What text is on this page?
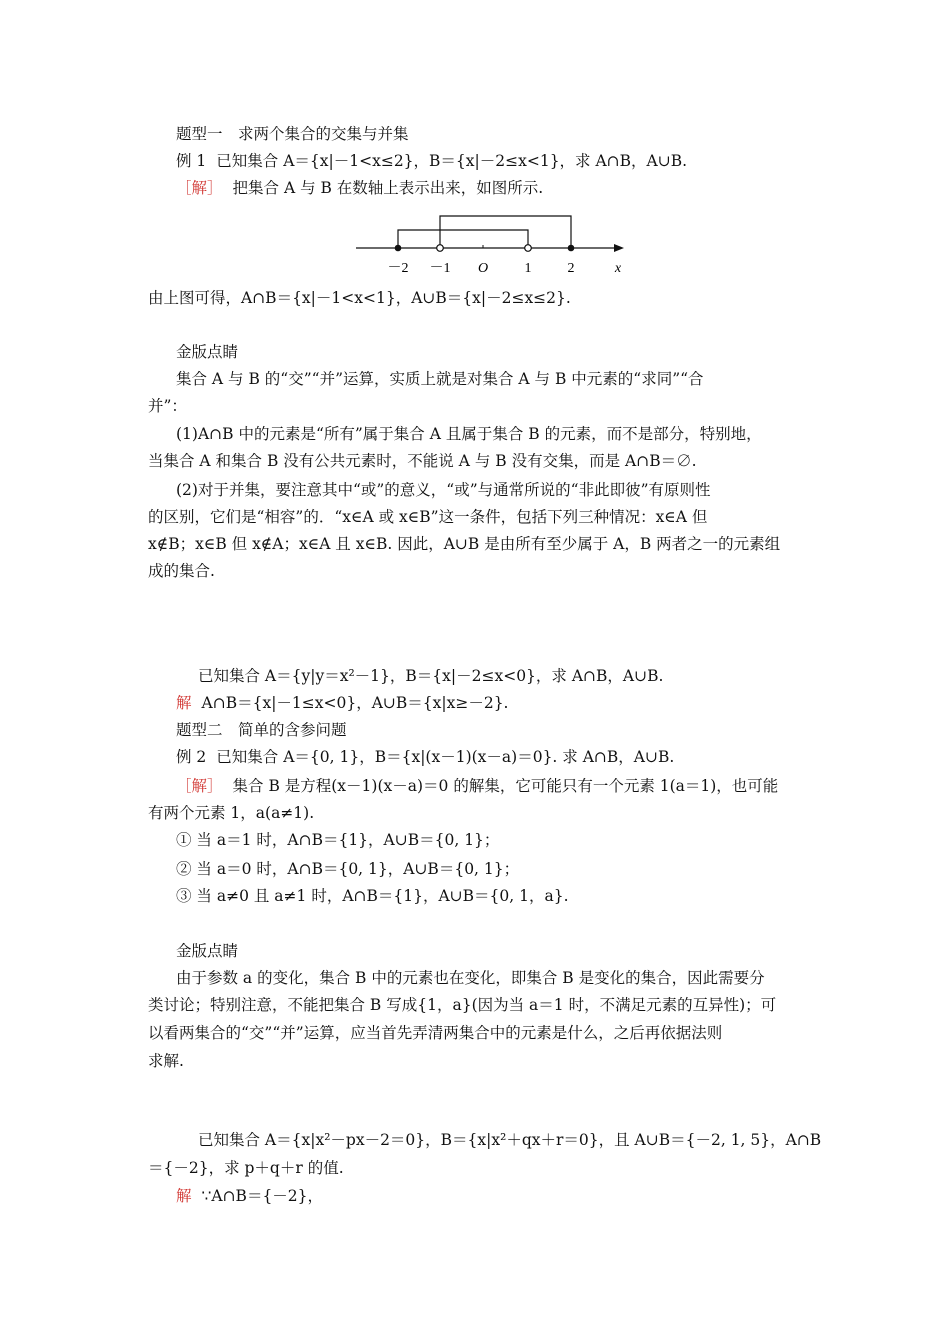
题型一　求两个集合的交集与并集
例 1 已知集合 A＝{x|－1<x≤2}，B＝{x|－2≤x<1}，求 A∩B，A∪B.
［解］ 把集合 A 与 B 在数轴上表示出来，如图所示.
－2 －1 O	1	2	x
由上图可得，A∩B＝{x|－1<x<1}，A∪B＝{x|－2≤x≤2}.
金版点睛
集合 A 与 B 的“交”“并”运算，实质上就是对集合 A 与 B 中元素的“求同”“合
并”：
(1)A∩B 中的元素是“所有”属于集合 A 且属于集合 B 的元素，而不是部分，特别地，
当集合 A 和集合 B 没有公共元素时，不能说 A 与 B 没有交集，而是 A∩B＝∅.
(2)对于并集，要注意其中“或”的意义，“或”与通常所说的“非此即彼”有原则性
的区别，它们是“相容”的．“x∈A 或 x∈B”这一条件，包括下列三种情况：x∈A 但
x∉B；x∈B 但 x∉A；x∈A 且 x∈B. 因此，A∪B 是由所有至少属于 A，B 两者之一的元素组
成的集合.
已知集合 A＝{y|y＝x²－1}，B＝{x|－2≤x<0}，求 A∩B，A∪B.
解 A∩B＝{x|－1≤x<0}，A∪B＝{x|x≥－2}.
题型二　简单的含参问题
例 2 已知集合 A＝{0, 1}，B＝{x|(x－1)(x－a)＝0}. 求 A∩B，A∪B.
［解］ 集合 B 是方程(x－1)(x－a)＝0 的解集，它可能只有一个元素 1(a＝1)，也可能
有两个元素 1，a(a≠1).
① 当 a＝1 时，A∩B＝{1}，A∪B＝{0, 1}；
② 当 a＝0 时，A∩B＝{0, 1}，A∪B＝{0, 1}；
③ 当 a≠0 且 a≠1 时，A∩B＝{1}，A∪B＝{0, 1，a}.
金版点睛
由于参数 a 的变化，集合 B 中的元素也在变化，即集合 B 是变化的集合，因此需要分
类讨论；特别注意，不能把集合 B 写成{1，a}(因为当 a＝1 时，不满足元素的互异性)；可
以看两集合的“交”“并”运算，应当首先弄清两集合中的元素是什么，之后再依据法则
求解.
已知集合 A＝{x|x²－px－2＝0}，B＝{x|x²＋qx＋r＝0}，且 A∪B＝{－2, 1, 5}，A∩B
＝{－2}，求 p＋q＋r 的值.
解 ∵A∩B＝{－2}，
